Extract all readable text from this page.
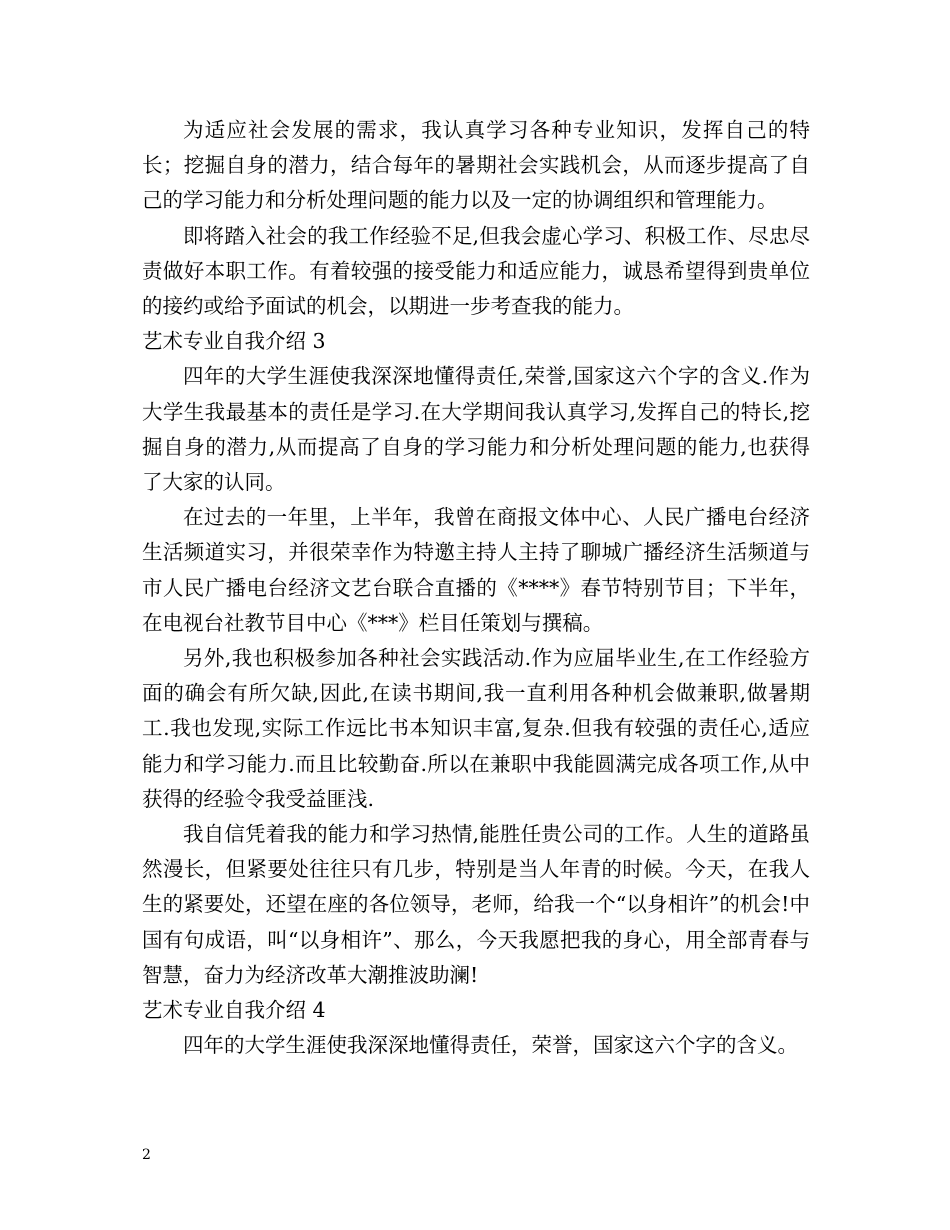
为适应社会发展的需求，我认真学习各种专业知识，发挥自己的特长；挖掘自身的潜力，结合每年的暑期社会实践机会，从而逐步提高了自己的学习能力和分析处理问题的能力以及一定的协调组织和管理能力。

即将踏入社会的我工作经验不足,但我会虚心学习、积极工作、尽忠尽责做好本职工作。有着较强的接受能力和适应能力，诚恳希望得到贵单位的接约或给予面试的机会，以期进一步考查我的能力。

艺术专业自我介绍 3

四年的大学生涯使我深深地懂得责任,荣誉,国家这六个字的含义.作为大学生我最基本的责任是学习.在大学期间我认真学习,发挥自己的特长,挖掘自身的潜力,从而提高了自身的学习能力和分析处理问题的能力,也获得了大家的认同。

在过去的一年里，上半年，我曾在商报文体中心、人民广播电台经济生活频道实习，并很荣幸作为特邀主持人主持了聊城广播经济生活频道与市人民广播电台经济文艺台联合直播的《****》春节特别节目；下半年，在电视台社教节目中心《***》栏目任策划与撰稿。

另外,我也积极参加各种社会实践活动.作为应届毕业生,在工作经验方面的确会有所欠缺,因此,在读书期间,我一直利用各种机会做兼职,做暑期工.我也发现,实际工作远比书本知识丰富,复杂.但我有较强的责任心,适应能力和学习能力.而且比较勤奋.所以在兼职中我能圆满完成各项工作,从中获得的经验令我受益匪浅.

我自信凭着我的能力和学习热情,能胜任贵公司的工作。人生的道路虽然漫长，但紧要处往往只有几步，特别是当人年青的时候。今天，在我人生的紧要处，还望在座的各位领导，老师，给我一个“以身相许”的机会!中国有句成语，叫“以身相许”、那么，今天我愿把我的身心，用全部青春与智慧，奋力为经济改革大潮推波助澜!

艺术专业自我介绍 4

四年的大学生涯使我深深地懂得责任，荣誉，国家这六个字的含义。

2
